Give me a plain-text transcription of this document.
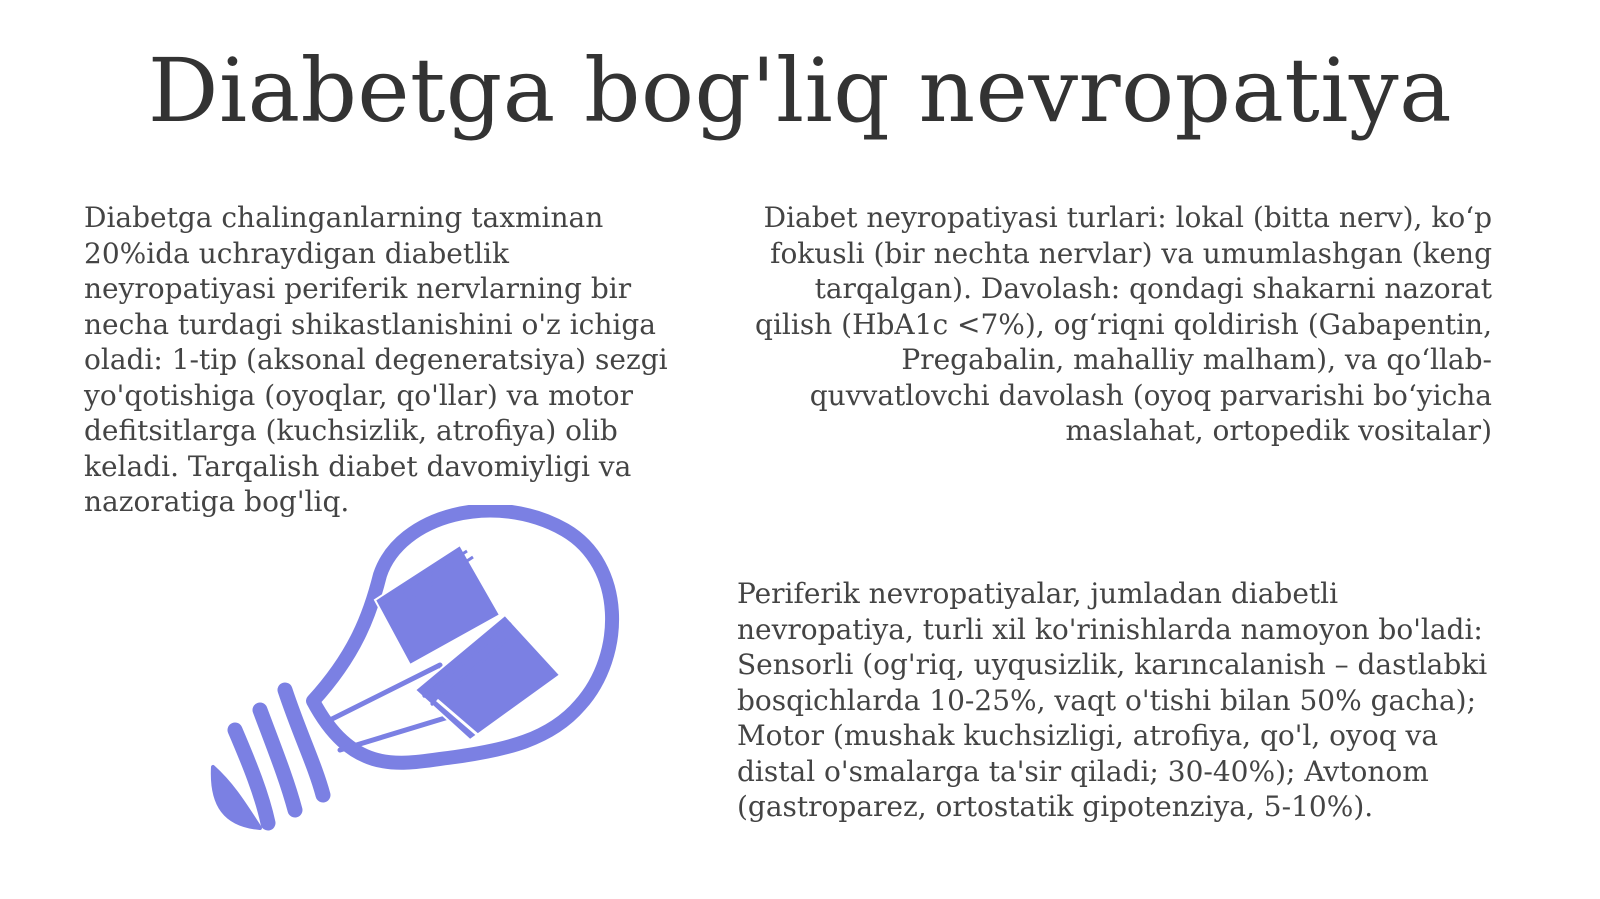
Diabetga bog'liq nevropatiya

Diabetga chalinganlarning taxminan 20%ida uchraydigan diabetlik neyropatiyasi periferik nervlarning bir necha turdagi shikastlanishini o'z ichiga oladi: 1-tip (aksonal degeneratsiya) sezgi yo'qotishiga (oyoqlar, qo'llar) va motor defitsitlarga (kuchsizlik, atrofiya) olib keladi. Tarqalish diabet davomiyligi va nazoratiga bog'liq.

Diabet neyropatiyasi turlari: lokal (bitta nerv), ko‘p fokusli (bir nechta nervlar) va umumlashgan (keng tarqalgan). Davolash: qondagi shakarni nazorat qilish (HbA1c <7%), og‘riqni qoldirish (Gabapentin, Pregabalin, mahalliy malham), va qo‘llab-quvvatlovchi davolash (oyoq parvarishi bo‘yicha maslahat, ortopedik vositalar)

Periferik nevropatiyalar, jumladan diabetli nevropatiya, turli xil ko'rinishlarda namoyon bo'ladi: Sensorli (og'riq, uyqusizlik, karıncalanish – dastlabki bosqichlarda 10-25%, vaqt o'tishi bilan 50% gacha); Motor (mushak kuchsizligi, atrofiya, qo'l, oyoq va distal o'smalarga ta'sir qiladi; 30-40%); Avtonom (gastroparez, ortostatik gipotenziya, 5-10%).
